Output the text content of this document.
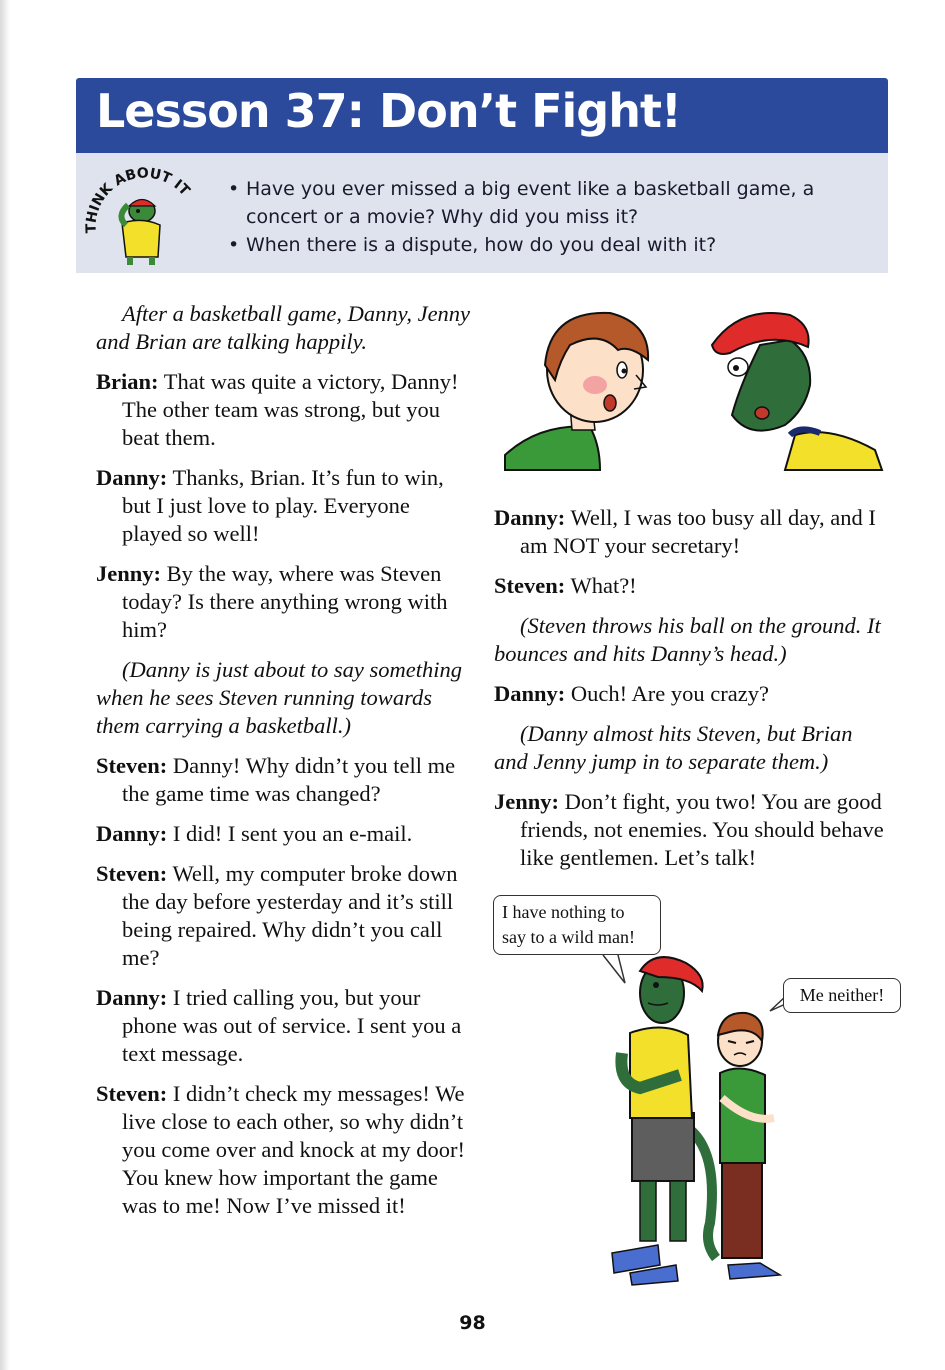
Lesson 37: Don’t Fight!
THINK ABOUT IT
•	Have you ever missed a big event like a basketball game, a concert or a movie? Why did you miss it?
• When there is a dispute, how do you deal with it?

After a basketball game, Danny, Jenny and Brian are talking happily.

Brian: That was quite a victory, Danny! The other team was strong, but you beat them.

Danny: Thanks, Brian. It’s fun to win, but I just love to play. Everyone played so well!

Jenny: By the way, where was Steven today? Is there anything wrong with him?

(Danny is just about to say something when he sees Steven running towards them carrying a basketball.)

Steven: Danny! Why didn’t you tell me the game time was changed?

Danny: I did! I sent you an e-mail.

Steven: Well, my computer broke down the day before yesterday and it’s still being repaired. Why didn’t you call me?

Danny: I tried calling you, but your phone was out of service. I sent you a text message.

Steven: I didn’t check my messages! We live close to each other, so why didn’t you come over and knock at my door! You knew how important the game was to me! Now I’ve missed it!

Danny: Well, I was too busy all day, and I am NOT your secretary!

Steven: What?!

(Steven throws his ball on the ground. It bounces and hits Danny’s head.)

Danny: Ouch! Are you crazy?

(Danny almost hits Steven, but Brian and Jenny jump in to separate them.)

Jenny: Don’t fight, you two! You are good friends, not enemies. You should behave like gentlemen. Let’s talk!

I have nothing to say to a wild man!
Me neither!
98
